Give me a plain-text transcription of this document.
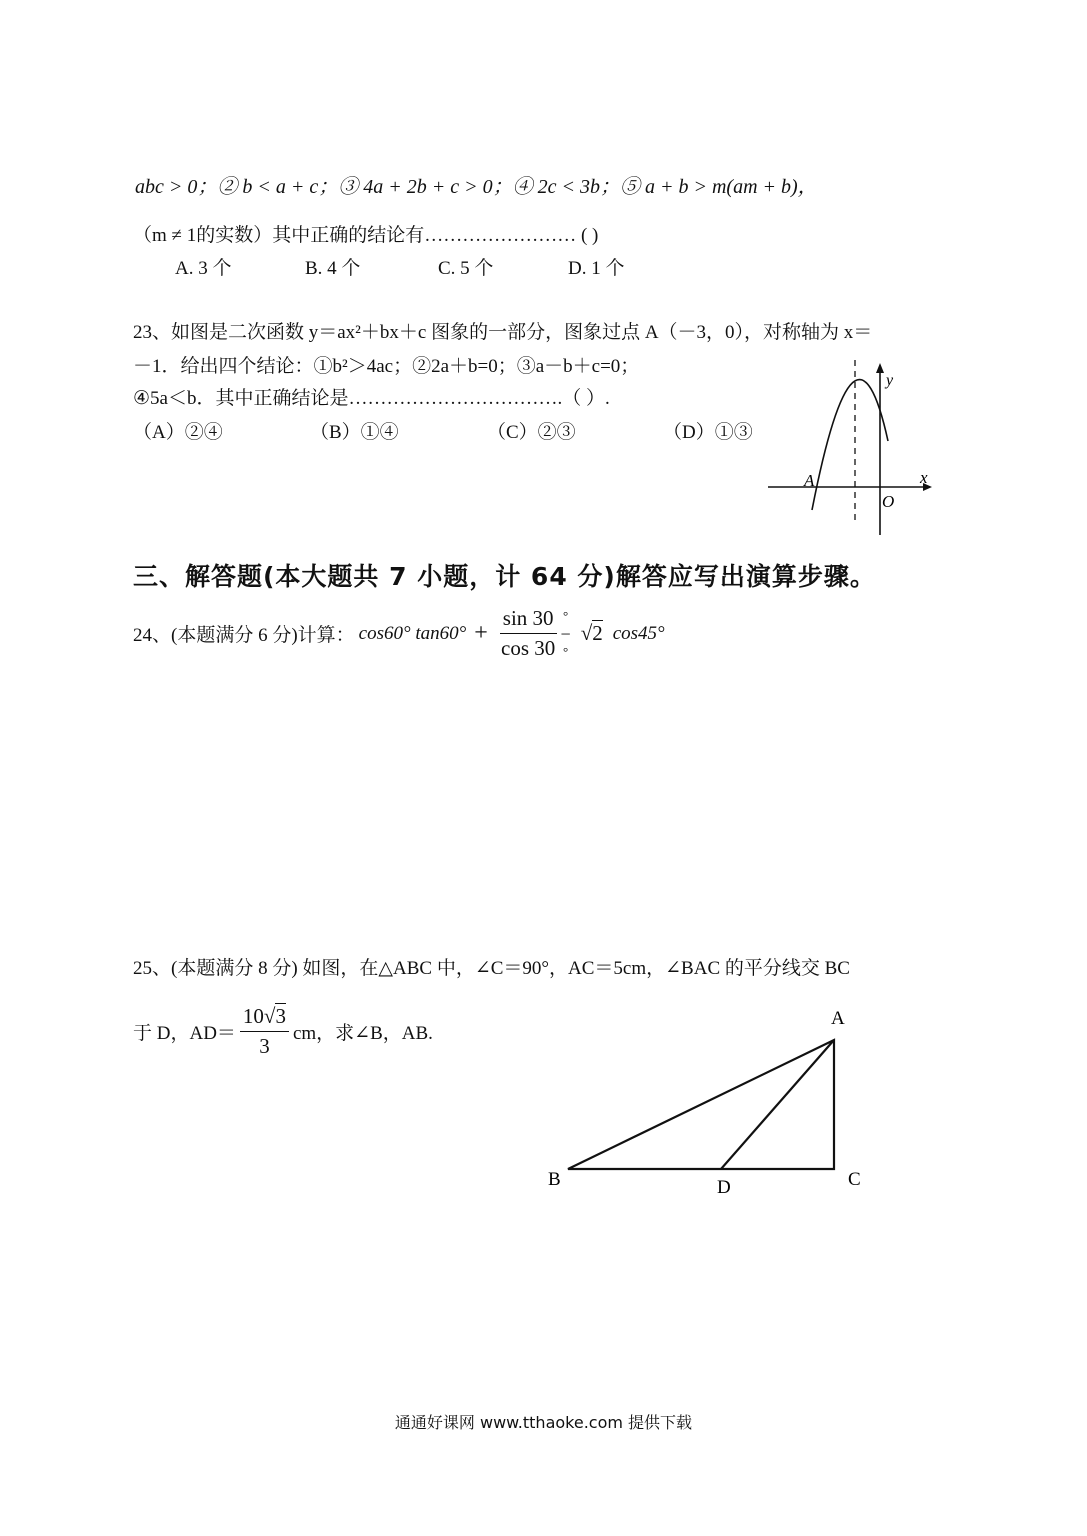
abc > 0；② b < a + c；③ 4a + 2b + c > 0；④ 2c < 3b；⑤ a + b > m(am + b)，
（m ≠ 1的实数）其中正确的结论有…………………… ( )
A. 3 个	B. 4 个	C. 5 个	D. 1 个
23、如图是二次函数 y＝ax²＋bx＋c 图象的一部分，图象过点 A（－3，0），对称轴为 x＝
－1．给出四个结论：①b²＞4ac；②2a＋b=0；③a－b＋c=0；
④5a＜b．其中正确结论是…………………………….（ ）.
（A）②④	（B）①④	（C）②③	（D）①③
y
x
A
O
三、解答题(本大题共 7 小题，计 64 分)解答应写出演算步骤。
24、(本题满分 6 分)计算： cos60° $\tan 60^\circ + \frac{\sin 30}{\cos 30}$ °
−
°
√2 cos45°
25、(本题满分 8 分) 如图，在△ABC 中，∠C＝90°，AC＝5cm，∠BAC 的平分线交 BC
于 D，$AD= \frac{10√3}{3}$ cm，求∠B，AB.
A
B	C
D
通通好课网 www.tthaoke.com 提供下载
